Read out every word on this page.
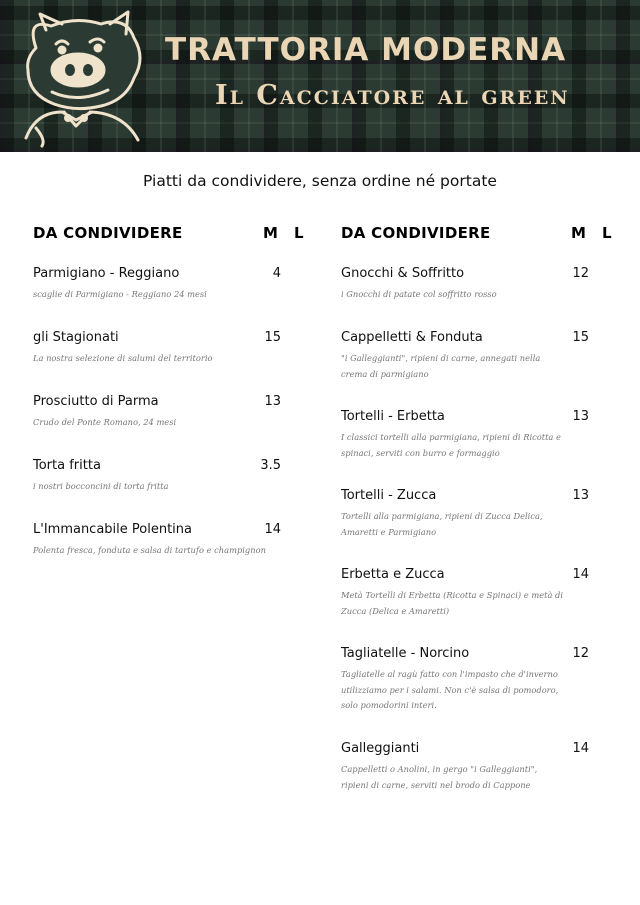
TRATTORIA MODERNA
Il Cacciatore al green
Piatti da condividere, senza ordine né portate
DA CONDIVIDERE	M L DA CONDIVIDERE	M L
Parmigiano - Reggiano	4
scaglie di Parmigiano - Reggiano 24 mesi
gli Stagionati	15
La nostra selezione di salumi del territorio
Prosciutto di Parma	13
Crudo del Ponte Romano, 24 mesi
Torta fritta	3.5
i nostri bocconcini di torta fritta
L'Immancabile Polentina	14
Polenta fresca, fonduta e salsa di tartufo e champignon
Gnocchi & Soffritto	12
i Gnocchi di patate col soffritto rosso
Cappelletti & Fonduta	15
"i Galleggianti", ripieni di carne, annegati nella crema di parmigiano
Tortelli - Erbetta	13
I classici tortelli alla parmigiana, ripieni di Ricotta e spinaci, serviti con burro e formaggio
Tortelli - Zucca	13
Tortelli alla parmigiana, ripieni di Zucca Delica, Amaretti e Parmigiano
Erbetta e Zucca	14
Metà Tortelli di Erbetta (Ricotta e Spinaci) e metà di Zucca (Delica e Amaretti)
Tagliatelle - Norcino	12
Tagliatelle al ragù fatto con l'impasto che d'inverno utilizziamo per i salami. Non c'è salsa di pomodoro, solo pomodorini interi.
Galleggianti	14
Cappelletti o Anolini, in gergo "i Galleggianti", ripieni di carne, serviti nel brodo di Cappone
